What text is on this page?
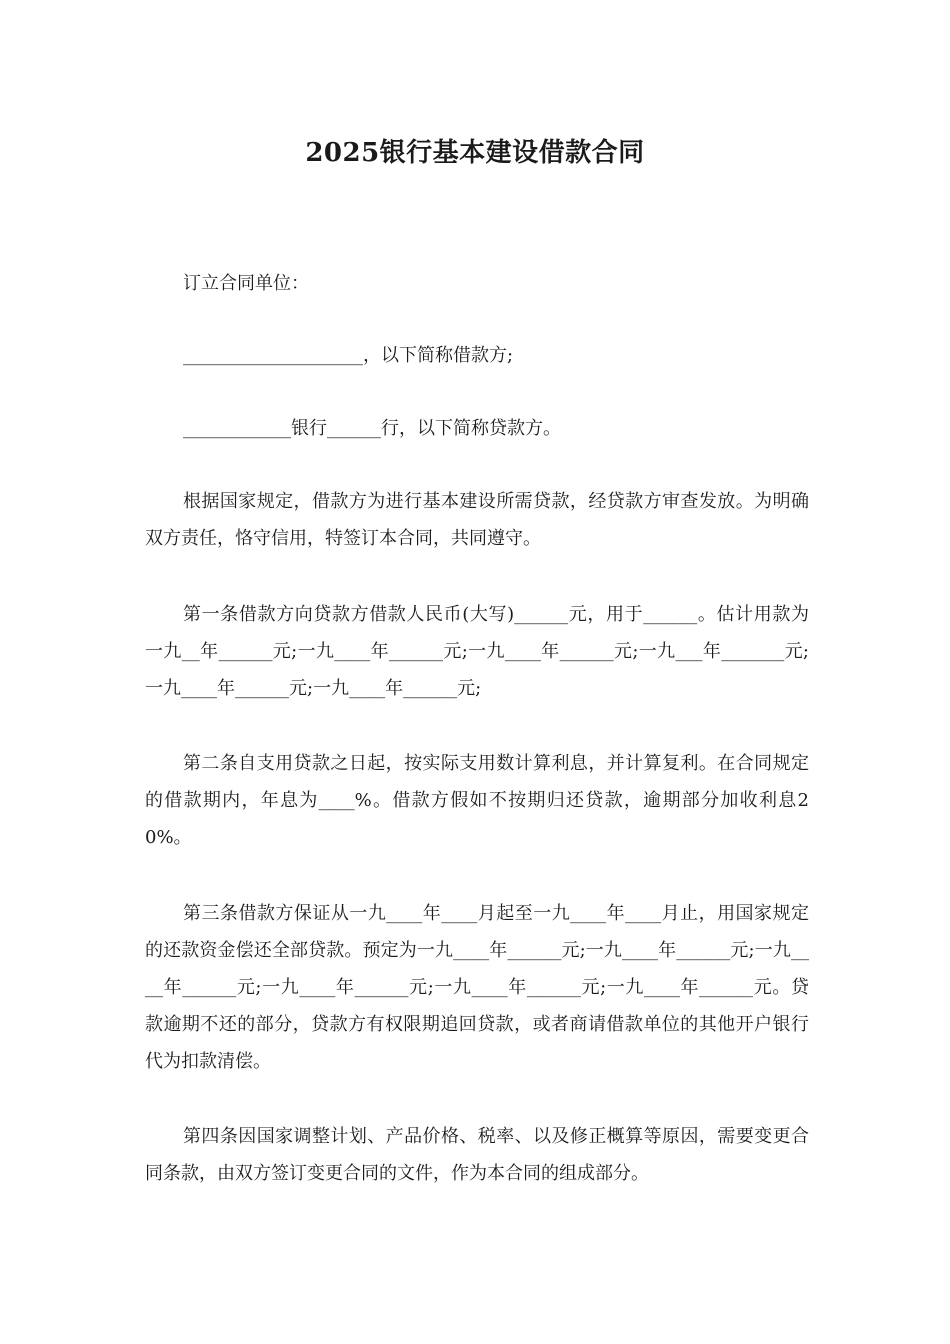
2025银行基本建设借款合同
订立合同单位：
____________________，以下简称借款方;
____________银行______行，以下简称贷款方。
根据国家规定，借款方为进行基本建设所需贷款，经贷款方审查发放。为明确双方责任，恪守信用，特签订本合同，共同遵守。
第一条借款方向贷款方借款人民币(大写)______元，用于______。估计用款为一九__年______元;一九____年______元;一九____年______元;一九___年_______元;一九____年______元;一九____年______元;
第二条自支用贷款之日起，按实际支用数计算利息，并计算复利。在合同规定的借款期内，年息为____%。借款方假如不按期归还贷款，逾期部分加收利息20%。
第三条借款方保证从一九____年____月起至一九____年____月止，用国家规定的还款资金偿还全部贷款。预定为一九____年______元;一九____年______元;一九____年______元;一九____年______元;一九____年______元;一九____年______元。贷款逾期不还的部分，贷款方有权限期追回贷款，或者商请借款单位的其他开户银行代为扣款清偿。
第四条因国家调整计划、产品价格、税率、以及修正概算等原因，需要变更合同条款，由双方签订变更合同的文件，作为本合同的组成部分。
